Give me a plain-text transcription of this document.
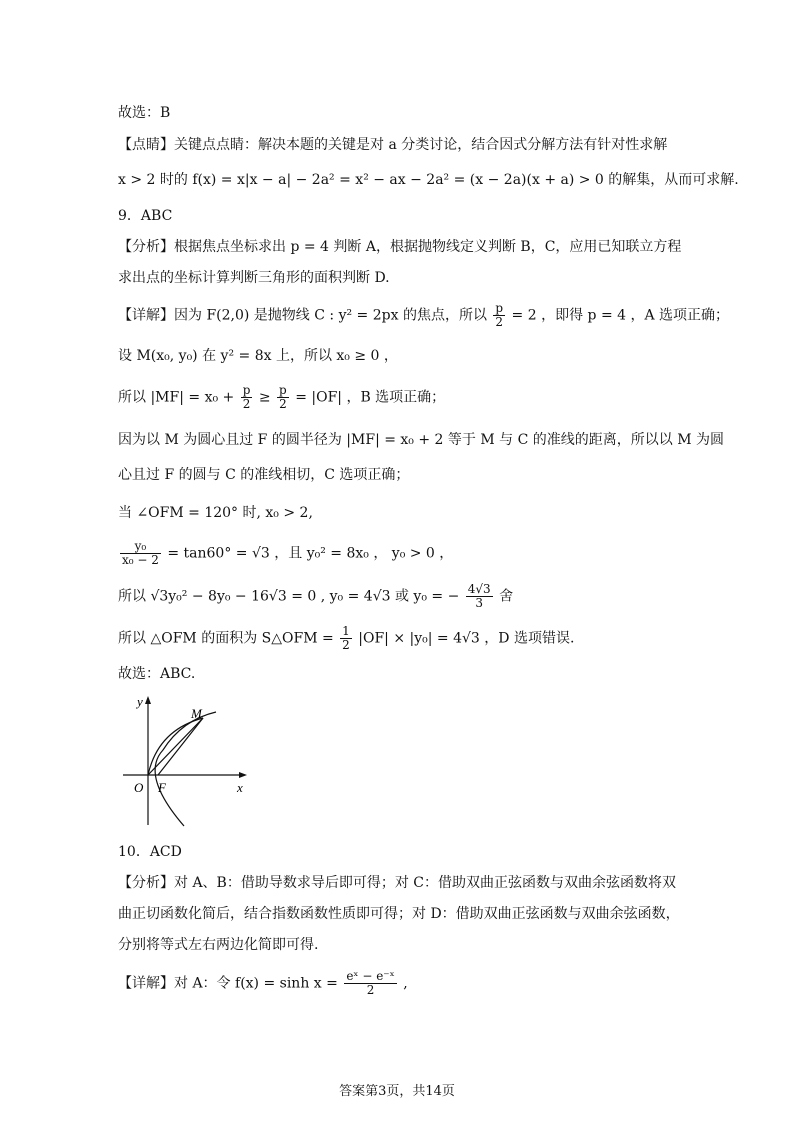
故选：B
【点睛】关键点点睛：解决本题的关键是对 a 分类讨论，结合因式分解方法有针对性求解
x > 2 时的 f(x) = x|x − a| − 2a² = x² − ax − 2a² = (x − 2a)(x + a) > 0 的解集，从而可求解.
9．ABC
【分析】根据焦点坐标求出 p = 4 判断 A，根据抛物线定义判断 B，C，应用已知联立方程
求出点的坐标计算判断三角形的面积判断 D.
【详解】因为 F(2,0) 是抛物线 C : y² = 2px 的焦点，所以 $\frac{p}{2} = 2$ ，即得 p = 4 ，A 选项正确；
设 M(x₀, y₀) 在 y² = 8x 上，所以 x₀ ≥ 0 ，
所以 $|MF| = x_0 + \frac{p}{2} \ge \frac{p}{2} = |OF|$ ，B 选项正确；
因为以 M 为圆心且过 F 的圆半径为 |MF| = x₀ + 2 等于 M 与 C 的准线的距离，所以以 M 为圆
心且过 F 的圆与 C 的准线相切，C 选项正确；
当 ∠OFM = 120° 时, x₀ > 2,
$\frac{\text{y₀}}{\text{x₀ − 2}} = \tan 60^\circ = √3$ ，且 y₀² = 8x₀ ， y₀ > 0 ，
所以 √3y₀² − 8y₀ − 16√3 = 0 , y₀ = 4√3 或 y₀ = − $\frac{4√3}{3}$ 舍
所以 △OFM 的面积为 S△OFM = $\frac{1}{2} |OF| \times |y_0| = 4√3$ ，D 选项错误.
故选：ABC.
y
x
O F
M
10．ACD
【分析】对 A、B：借助导数求导后即可得；对 C：借助双曲正弦函数与双曲余弦函数将双
曲正切函数化简后，结合指数函数性质即可得；对 D：借助双曲正弦函数与双曲余弦函数，
分别将等式左右两边化简即可得.
【详解】对 A：令 $f(x) = \sinh x = \frac{\text{eˣ − e⁻ˣ}}{2}$ ,
答案第3页，共14页
